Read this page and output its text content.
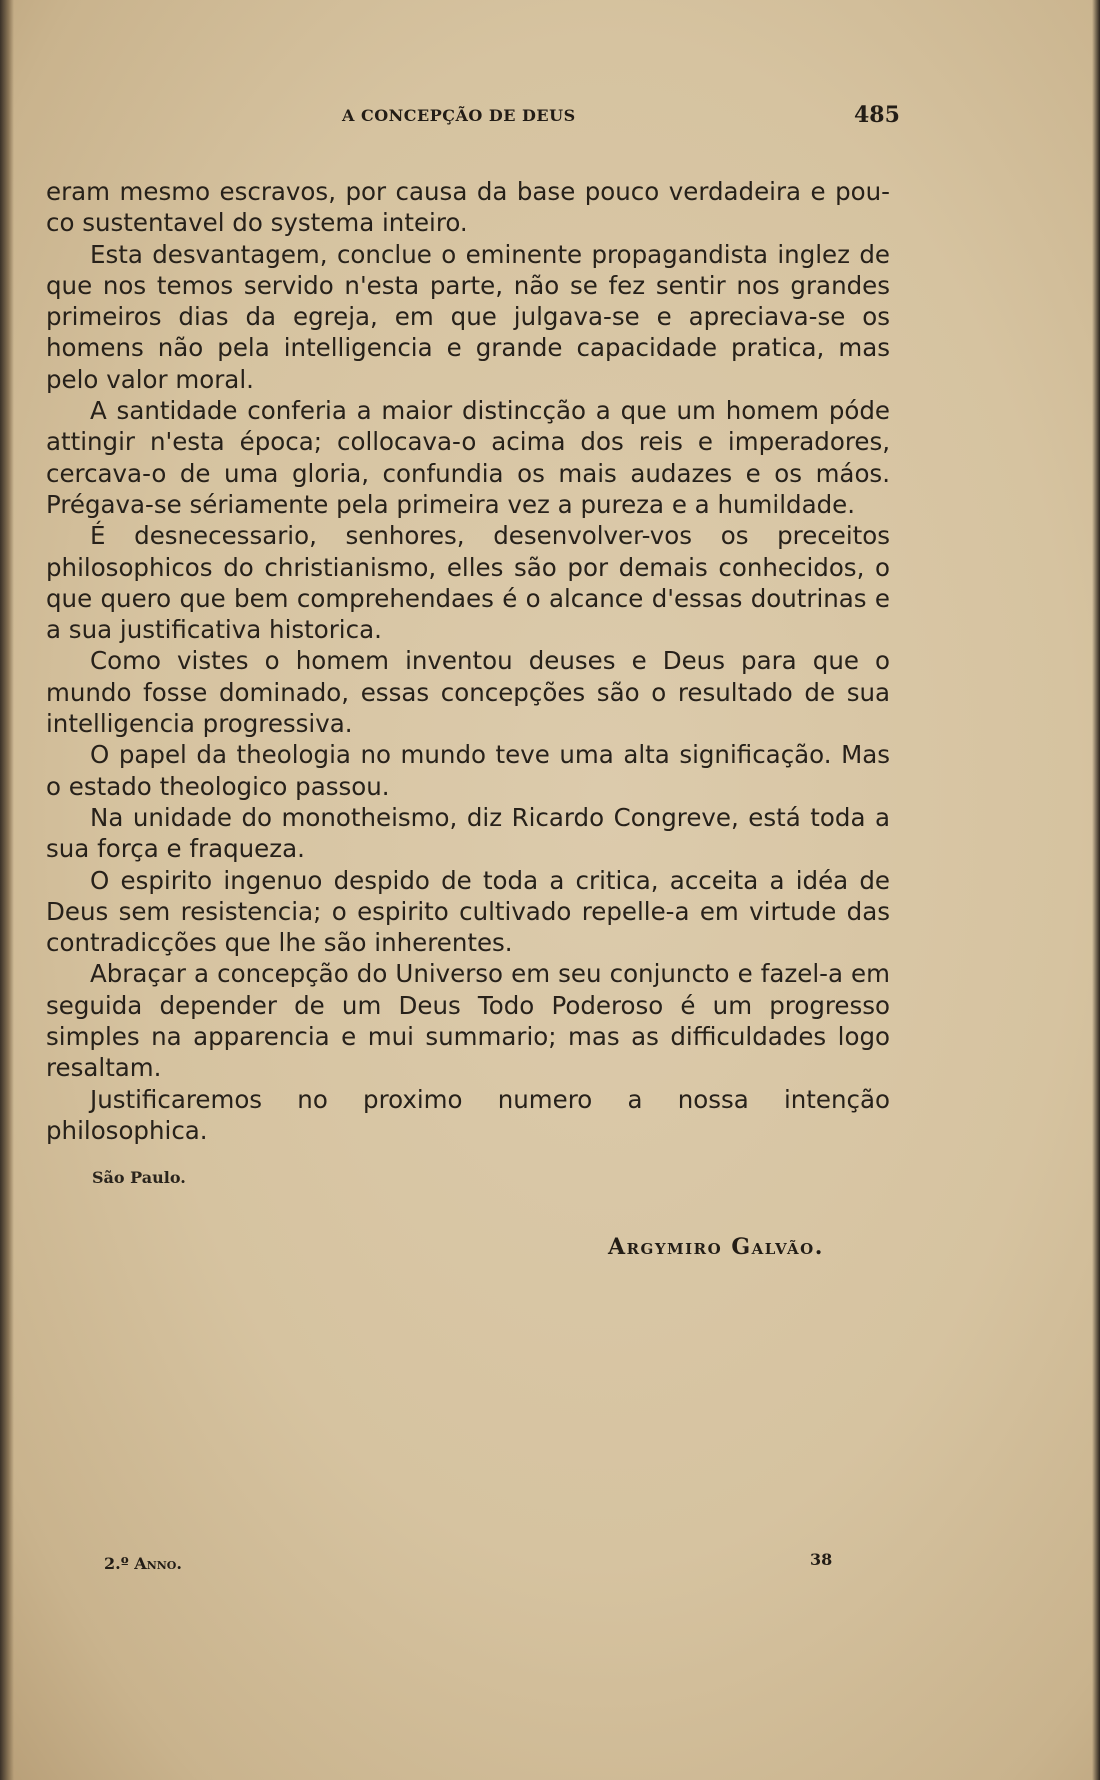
A CONCEPÇÃO DE DEUS	485

eram mesmo escravos, por causa da base pouco verdadeira e pou-co sustentavel do systema inteiro.

Esta desvantagem, conclue o eminente propagandista inglez de que nos temos servido n'esta parte, não se fez sentir nos grandes primeiros dias da egreja, em que julgava-se e apreciava-se os homens não pela intelligencia e grande capacidade pratica, mas pelo valor moral.

A santidade conferia a maior distincção a que um homem póde attingir n'esta época; collocava-o acima dos reis e imperadores, cercava-o de uma gloria, confundia os mais audazes e os máos. Prégava-se sériamente pela primeira vez a pureza e a humildade.

É desnecessario, senhores, desenvolver-vos os preceitos philosophicos do christianismo, elles são por demais conhecidos, o que quero que bem comprehendaes é o alcance d'essas doutrinas e a sua justificativa historica.

Como vistes o homem inventou deuses e Deus para que o mundo fosse dominado, essas concepções são o resultado de sua intelligencia progressiva.

O papel da theologia no mundo teve uma alta significação. Mas o estado theologico passou.

Na unidade do monotheismo, diz Ricardo Congreve, está toda a sua força e fraqueza.

O espirito ingenuo despido de toda a critica, acceita a idéa de Deus sem resistencia; o espirito cultivado repelle-a em virtude das contradicções que lhe são inherentes.

Abraçar a concepção do Universo em seu conjuncto e fazel-a em seguida depender de um Deus Todo Poderoso é um progresso simples na apparencia e mui summario; mas as difficuldades logo resaltam.

Justificaremos no proximo numero a nossa intenção philosophica.

São Paulo.
Argymiro Galvão.
2.º Anno.	38
